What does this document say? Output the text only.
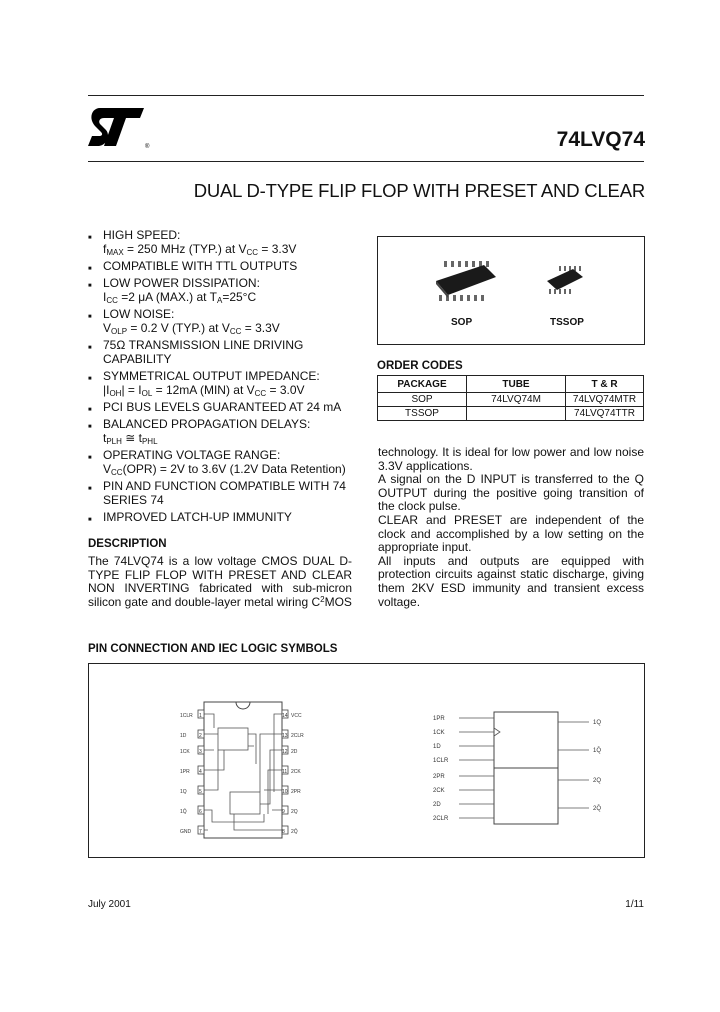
®	74LVQ74
DUAL D-TYPE FLIP FLOP WITH PRESET AND CLEAR
■ HIGH SPEED:
$f_{MAX} = 250$ MHz (TYP.) at $V_{CC} = 3.3V$
■ COMPATIBLE WITH TTL OUTPUTS
■ LOW POWER DISSIPATION:
$I_{CC} =2$ μA (MAX.) at $T_A=25^\circ C$
■ LOW NOISE:
$V_{OLP} = 0.2$ V (TYP.) at $V_{CC} = 3.3V$
■ 75Ω TRANSMISSION LINE DRIVING CAPABILITY
■ SYMMETRICAL OUTPUT IMPEDANCE:
$|I_{OH}| = I_{OL} = 12mA$ (MIN) at $V_{CC} = 3.0V$
■ PCI BUS LEVELS GUARANTEED AT 24 mA
■ BALANCED PROPAGATION DELAYS:
$t_{PLH}$ ≅ $t_{PHL}$
■ OPERATING VOLTAGE RANGE:
$V_{CC}(OPR) = 2V$ to 3.6V (1.2V Data Retention)
■ PIN AND FUNCTION COMPATIBLE WITH 74 SERIES 74
■ IMPROVED LATCH-UP IMMUNITY
DESCRIPTION
The 74LVQ74 is a low voltage CMOS DUAL D-TYPE FLIP FLOP WITH PRESET AND CLEAR NON INVERTING fabricated with sub-micron silicon gate and double-layer metal wiring $C^2MOS$
SOP	TSSOP
ORDER CODES
PACKAGE	TUBE	T & R
SOP	74LVQ74M	74LVQ74MTR
TSSOP		74LVQ74TTR
technology. It is ideal for low power and low noise 3.3V applications.
A signal on the D INPUT is transferred to the Q OUTPUT during the positive going transition of the clock pulse.
CLEAR and PRESET are independent of the clock and accomplished by a low setting on the appropriate input.
All inputs and outputs are equipped with protection circuits against static discharge, giving them 2KV ESD immunity and transient excess voltage.
PIN CONNECTION AND IEC LOGIC SYMBOLS
1CLR
1D
1CK
1PR
1Q
1Q̄
GND
1
2
3
4
5
6
7
VCC
2CLR
2D
2CK
2PR
2Q
2Q̄
14
13
12
11
10
9
8
1PR
1CK
1D
1CLR
2PR
2CK
2D
2CLR
1Q
1Q̄
2Q
2Q̄
July 2001	1/11
